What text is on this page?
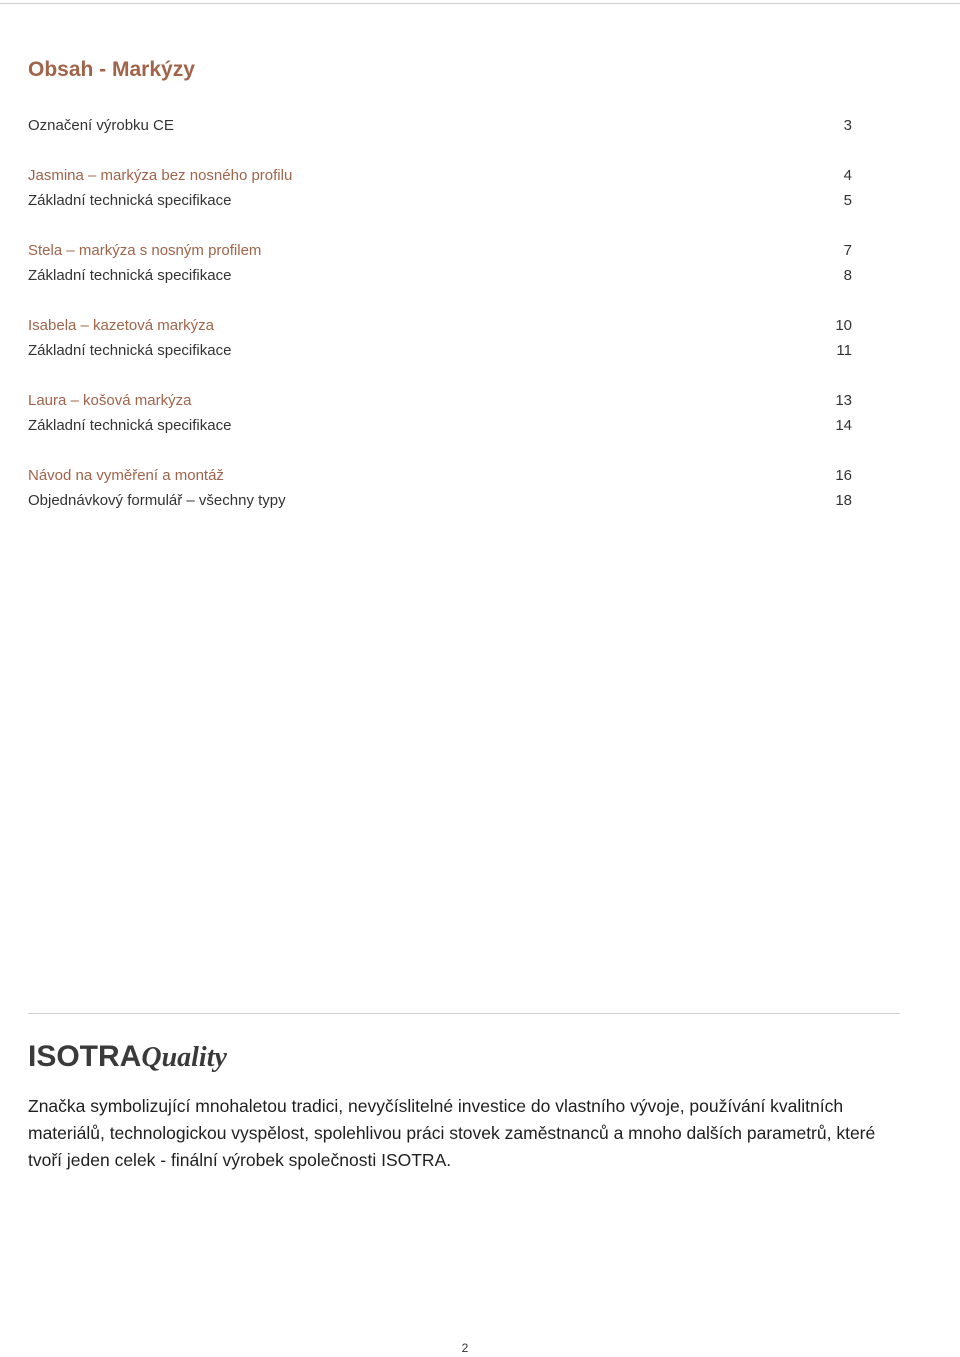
Obsah - Markýzy
Označení výrobku CE	3
Jasmina – markýza bez nosného profilu	4
Základní technická specifikace	5
Stela – markýza s nosným profilem	7
Základní technická specifikace	8
Isabela – kazetová markýza	10
Základní technická specifikace	11
Laura – košová markýza	13
Základní technická specifikace	14
Návod na vyměření a montáž	16
Objednávkový formulář – všechny typy	18
ISOTRAQuality

Značka symbolizující mnohaletou tradici, nevyčíslitelné investice do vlastního vývoje, používání kvalitních materiálů, technologickou vyspělost, spolehlivou práci stovek zaměstnanců a mnoho dalších parametrů, které tvoří jeden celek - finální výrobek společnosti ISOTRA.

2
